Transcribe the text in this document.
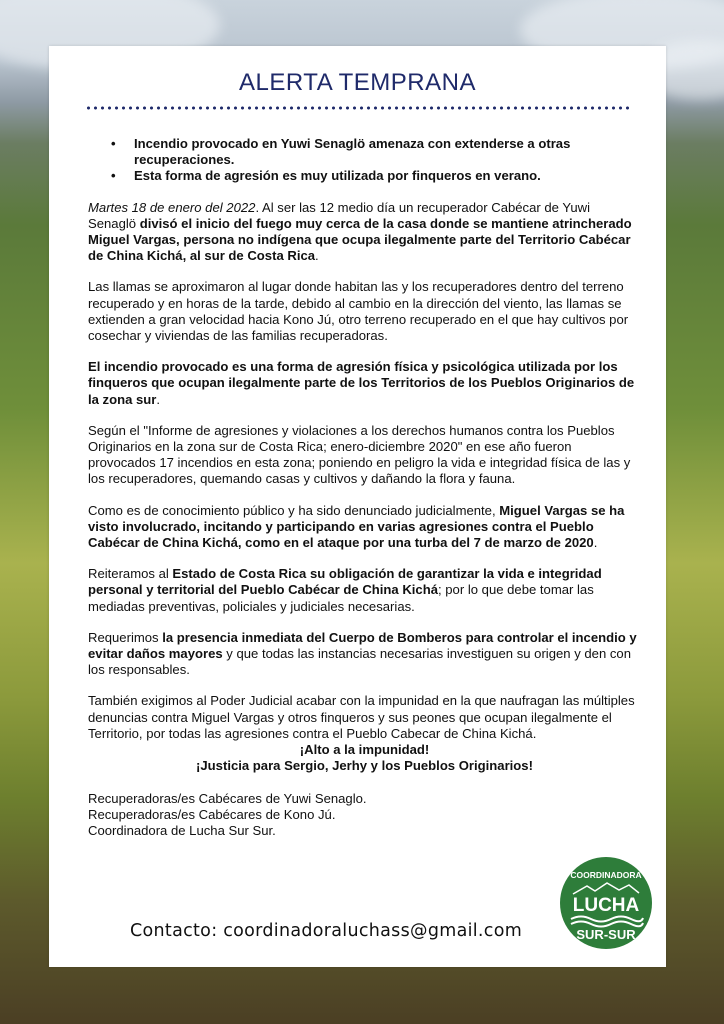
ALERTA TEMPRANA
• Incendio provocado en Yuwi Senaglö amenaza con extenderse a otras recuperaciones.
• Esta forma de agresión es muy utilizada por finqueros en verano.

Martes 18 de enero del 2022. Al ser las 12 medio día un recuperador Cabécar de Yuwi Senaglö divisó el inicio del fuego muy cerca de la casa donde se mantiene atrincherado Miguel Vargas, persona no indígena que ocupa ilegalmente parte del Territorio Cabécar de China Kichá, al sur de Costa Rica.

Las llamas se aproximaron al lugar donde habitan las y los recuperadores dentro del terreno recuperado y en horas de la tarde, debido al cambio en la dirección del viento, las llamas se extienden a gran velocidad hacia Kono Jú, otro terreno recuperado en el que hay cultivos por cosechar y viviendas de las familias recuperadoras.

El incendio provocado es una forma de agresión física y psicológica utilizada por los finqueros que ocupan ilegalmente parte de los Territorios de los Pueblos Originarios de la zona sur.

Según el "Informe de agresiones y violaciones a los derechos humanos contra los Pueblos Originarios en la zona sur de Costa Rica; enero-diciembre 2020" en ese año fueron provocados 17 incendios en esta zona; poniendo en peligro la vida e integridad física de las y los recuperadores, quemando casas y cultivos y dañando la flora y fauna.

Como es de conocimiento público y ha sido denunciado judicialmente, Miguel Vargas se ha visto involucrado, incitando y participando en varias agresiones contra el Pueblo Cabécar de China Kichá, como en el ataque por una turba del 7 de marzo de 2020.

Reiteramos al Estado de Costa Rica su obligación de garantizar la vida e integridad personal y territorial del Pueblo Cabécar de China Kichá; por lo que debe tomar las mediadas preventivas, policiales y judiciales necesarias.

Requerimos la presencia inmediata del Cuerpo de Bomberos para controlar el incendio y evitar daños mayores y que todas las instancias necesarias investiguen su origen y den con los responsables.

También exigimos al Poder Judicial acabar con la impunidad en la que naufragan las múltiples denuncias contra Miguel Vargas y otros finqueros y sus peones que ocupan ilegalmente el Territorio, por todas las agresiones contra el Pueblo Cabecar de China Kichá.

¡Alto a la impunidad!

¡Justicia para Sergio, Jerhy y los Pueblos Originarios!

Recuperadoras/es Cabécares de Yuwi Senaglo.
Recuperadoras/es Cabécares de Kono Jú.
Coordinadora de Lucha Sur Sur.
Contacto: coordinadoraluchass@gmail.com
COORDINADORA
LUCHA
SUR-SUR
